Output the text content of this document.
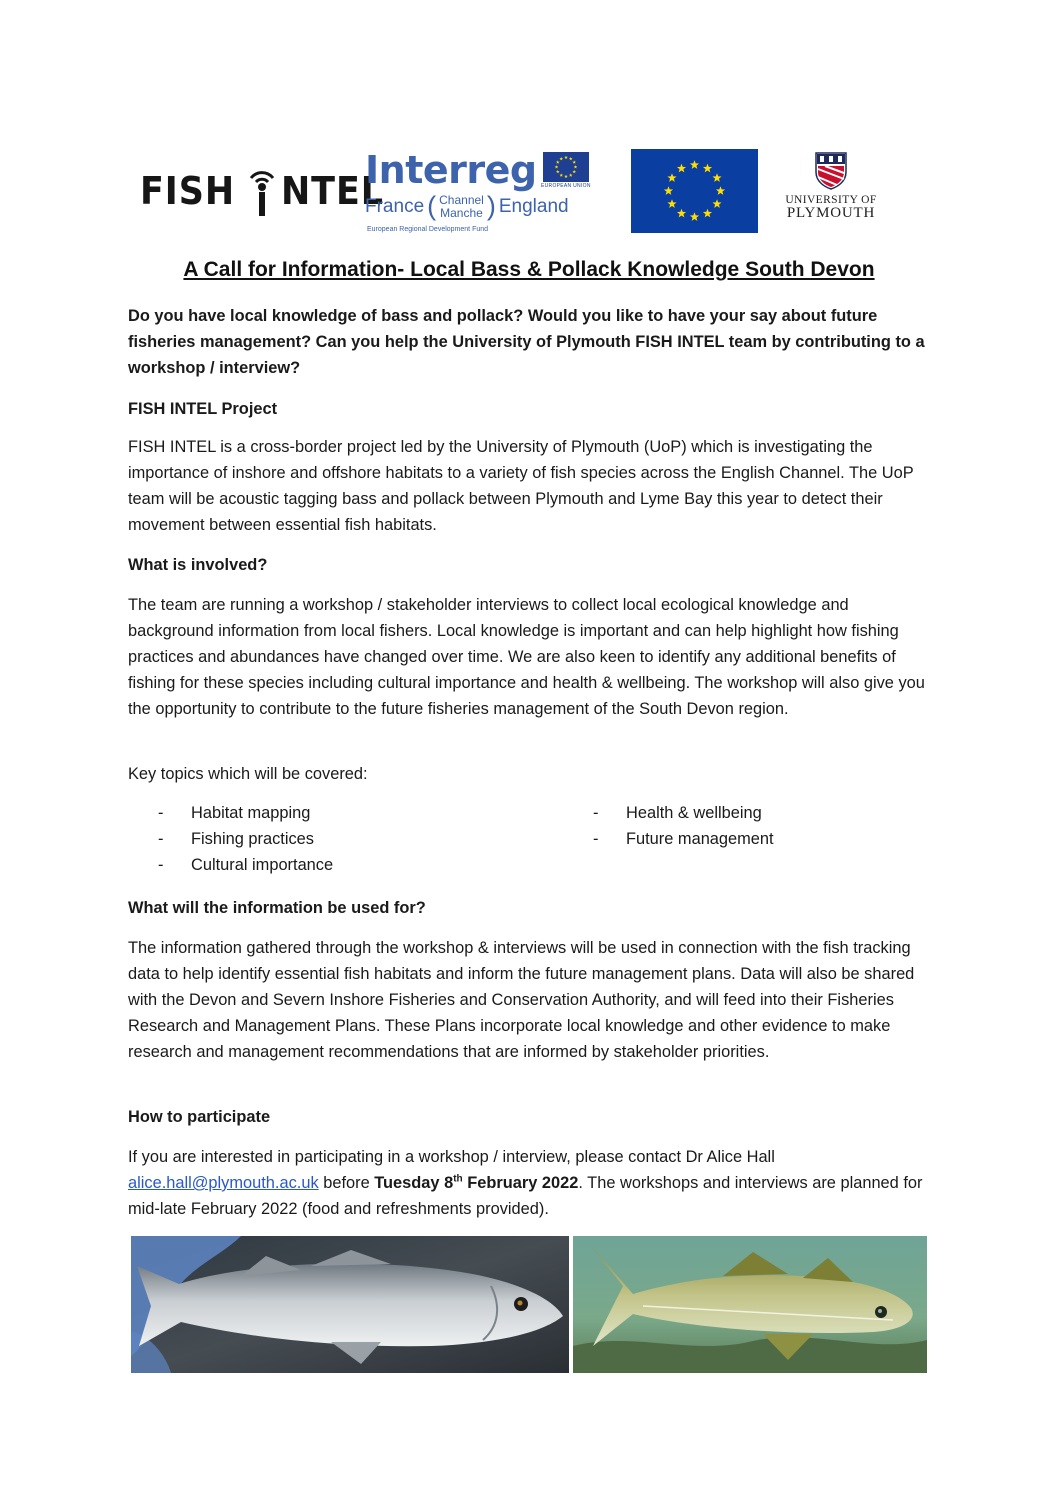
FISH NTEL
Interreg EUROPEAN UNION
France ( Channel
Manche ) England
European Regional Development Fund
UNIVERSITY OF
PLYMOUTH
A Call for Information- Local Bass & Pollack Knowledge South Devon
Do you have local knowledge of bass and pollack? Would you like to have your say about future fisheries management? Can you help the University of Plymouth FISH INTEL team by contributing to a workshop / interview?
FISH INTEL Project
FISH INTEL is a cross-border project led by the University of Plymouth (UoP) which is investigating the importance of inshore and offshore habitats to a variety of fish species across the English Channel. The UoP team will be acoustic tagging bass and pollack between Plymouth and Lyme Bay this year to detect their movement between essential fish habitats.
What is involved?
The team are running a workshop / stakeholder interviews to collect local ecological knowledge and background information from local fishers. Local knowledge is important and can help highlight how fishing practices and abundances have changed over time. We are also keen to identify any additional benefits of fishing for these species including cultural importance and health & wellbeing. The workshop will also give you the opportunity to contribute to the future fisheries management of the South Devon region.
Key topics which will be covered:
-	Habitat mapping
-	Fishing practices
-	Cultural importance
-	Health & wellbeing
-	Future management
What will the information be used for?
The information gathered through the workshop & interviews will be used in connection with the fish tracking data to help identify essential fish habitats and inform the future management plans. Data will also be shared with the Devon and Severn Inshore Fisheries and Conservation Authority, and will feed into their Fisheries Research and Management Plans. These Plans incorporate local knowledge and other evidence to make research and management recommendations that are informed by stakeholder priorities.
How to participate
If you are interested in participating in a workshop / interview, please contact Dr Alice Hall
alice.hall@plymouth.ac.uk before Tuesday 8th February 2022. The workshops and interviews are planned for mid-late February 2022 (food and refreshments provided).
